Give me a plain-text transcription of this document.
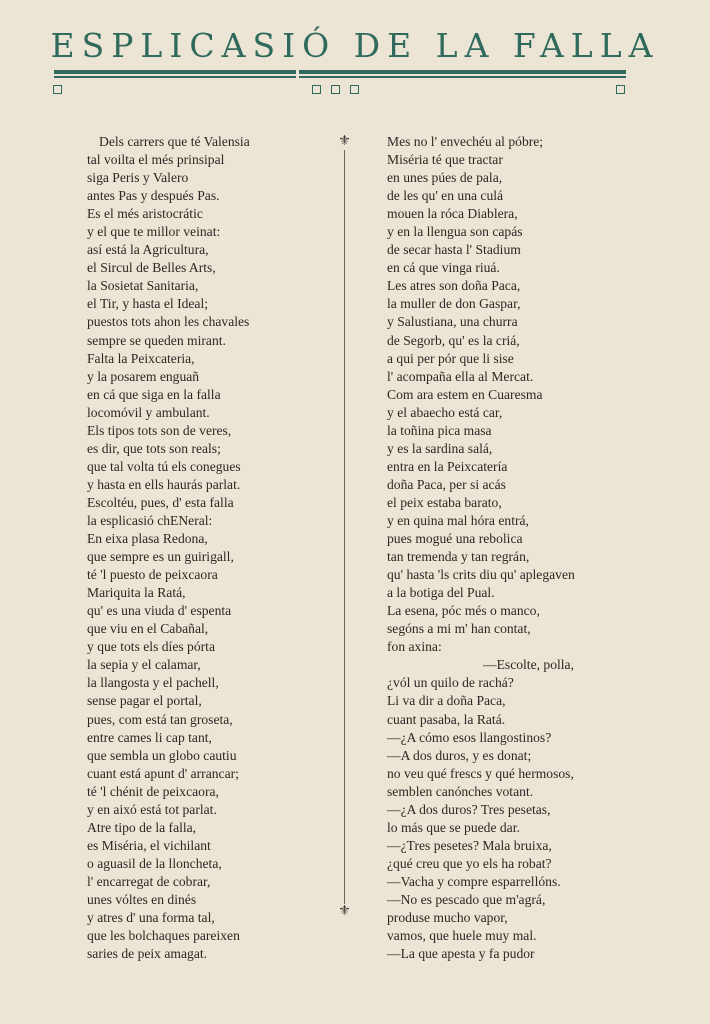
ESPLICASIÓ DE LA FALLA
⚜
⚜
Dels carrers que té Valensia
tal voilta el més prinsipal
siga Peris y Valero
antes Pas y después Pas.
Es el més aristocrátic
y el que te millor veinat:
así está la Agricultura,
el Sircul de Belles Arts,
la Sosietat Sanitaria,
el Tir, y hasta el Ideal;
puestos tots ahon les chavales
sempre se queden mirant.
Falta la Peixcateria,
y la posarem enguañ
en cá que siga en la falla
locomóvil y ambulant.
Els tipos tots son de veres,
es dir, que tots son reals;
que tal volta tú els conegues
y hasta en ells haurás parlat.
Escoltéu, pues, d' esta falla
la esplicasió chENeral:
En eixa plasa Redona,
que sempre es un guirigall,
té 'l puesto de peixcaora
Mariquita la Ratá,
qu' es una viuda d' espenta
que viu en el Cabañal,
y que tots els díes pórta
la sepia y el calamar,
la llangosta y el pachell,
sense pagar el portal,
pues, com está tan groseta,
entre cames li cap tant,
que sembla un globo cautiu
cuant está apunt d' arrancar;
té 'l chénit de peixcaora,
y en aixó está tot parlat.
Atre tipo de la falla,
es Miséria, el vichilant
o aguasil de la lloncheta,
l' encarregat de cobrar,
unes vóltes en dinés
y atres d' una forma tal,
que les bolchaques pareixen
saries de peix amagat.
Mes no l' envechéu al póbre;
Miséria té que tractar
en unes púes de pala,
de les qu' en una culá
mouen la róca Diablera,
y en la llengua son capás
de secar hasta l' Stadium
en cá que vinga riuá.
Les atres son doña Paca,
la muller de don Gaspar,
y Salustiana, una churra
de Segorb, qu' es la criá,
a qui per pór que li sise
l' acompaña ella al Mercat.
Com ara estem en Cuaresma
y el abaecho está car,
la toñina pica masa
y es la sardina salá,
entra en la Peixcatería
doña Paca, per si acás
el peix estaba barato,
y en quina mal hóra entrá,
pues mogué una rebolica
tan tremenda y tan regrán,
qu' hasta 'ls crits diu qu' aplegaven
a la botiga del Pual.
La esena, póc més o manco,
segóns a mi m' han contat,
fon axina:
—Escolte, polla,
¿vól un quilo de rachá?
Li va dir a doña Paca,
cuant pasaba, la Ratá.
—¿A cómo esos llangostinos?
—A dos duros, y es donat;
no veu qué frescs y qué hermosos,
semblen canónches votant.
—¿A dos duros? Tres pesetas,
lo más que se puede dar.
—¿Tres pesetes? Mala bruixa,
¿qué creu que yo els ha robat?
—Vacha y compre esparrellóns.
—No es pescado que m'agrá,
produse mucho vapor,
vamos, que huele muy mal.
—La que apesta y fa pudor
